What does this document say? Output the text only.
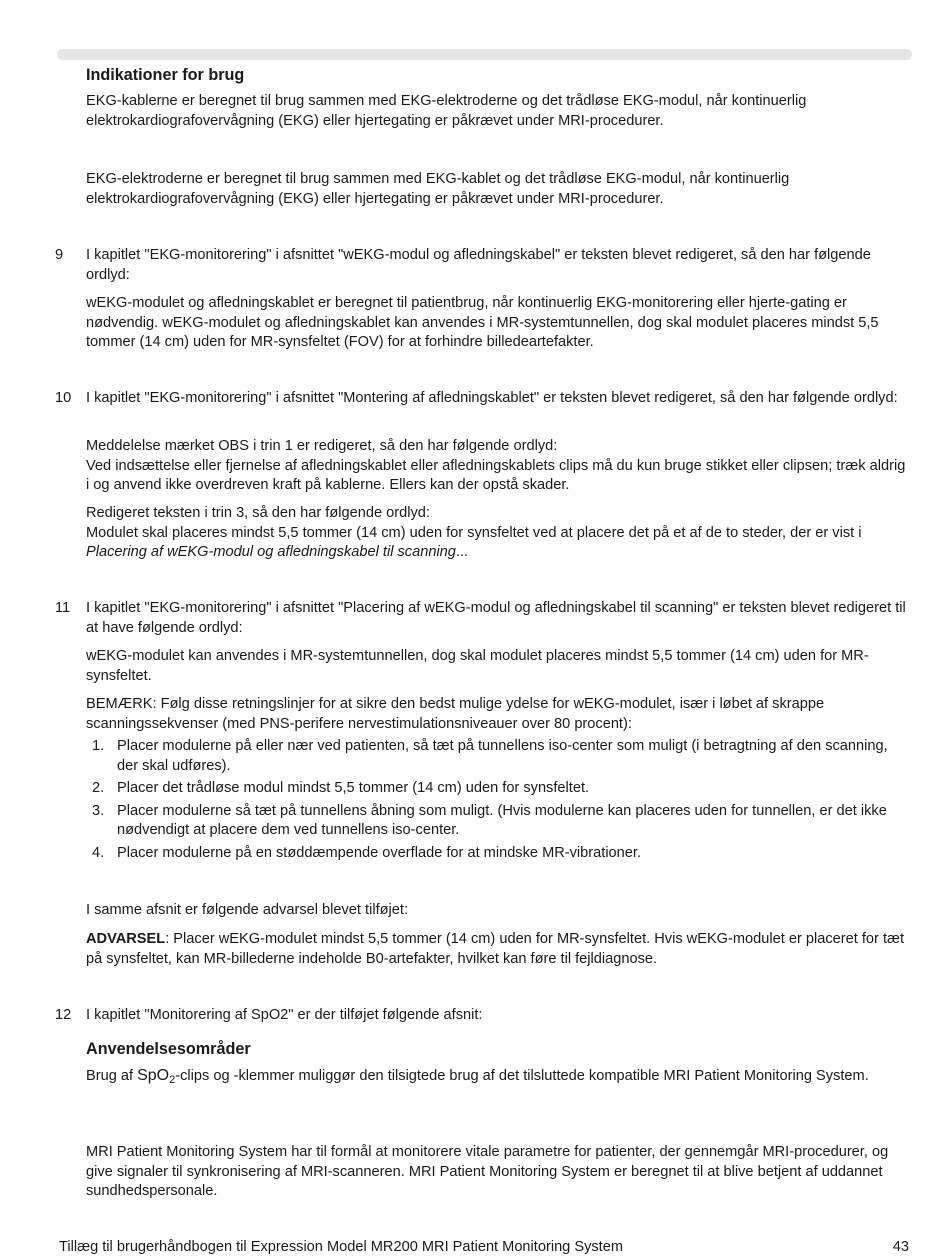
Indikationer for brug

EKG-kablerne er beregnet til brug sammen med EKG-elektroderne og det trådløse EKG-modul, når kontinuerlig elektrokardiografovervågning (EKG) eller hjertegating er påkrævet under MRI-procedurer.

EKG-elektroderne er beregnet til brug sammen med EKG-kablet og det trådløse EKG-modul, når kontinuerlig elektrokardiografovervågning (EKG) eller hjertegating er påkrævet under MRI-procedurer.

9	I kapitlet "EKG-monitorering" i afsnittet "wEKG-modul og afledningskabel" er teksten blevet redigeret, så den har følgende ordlyd:

wEKG-modulet og afledningskablet er beregnet til patientbrug, når kontinuerlig EKG-monitorering eller hjerte-gating er nødvendig. wEKG-modulet og afledningskablet kan anvendes i MR-systemtunnellen, dog skal modulet placeres mindst 5,5 tommer (14 cm) uden for MR-synsfeltet (FOV) for at forhindre billedeartefakter.

10	I kapitlet "EKG-monitorering" i afsnittet "Montering af afledningskablet" er teksten blevet redigeret, så den har følgende ordlyd:

Meddelelse mærket OBS i trin 1 er redigeret, så den har følgende ordlyd:

Ved indsættelse eller fjernelse af afledningskablet eller afledningskablets clips må du kun bruge stikket eller clipsen; træk aldrig i og anvend ikke overdreven kraft på kablerne. Ellers kan der opstå skader.

Redigeret teksten i trin 3, så den har følgende ordlyd:

Modulet skal placeres mindst 5,5 tommer (14 cm) uden for synsfeltet ved at placere det på et af de to steder, der er vist i Placering af wEKG-modul og afledningskabel til scanning...

11	I kapitlet "EKG-monitorering" i afsnittet "Placering af wEKG-modul og afledningskabel til scanning" er teksten blevet redigeret til at have følgende ordlyd:

wEKG-modulet kan anvendes i MR-systemtunnellen, dog skal modulet placeres mindst 5,5 tommer (14 cm) uden for MR-synsfeltet.

BEMÆRK: Følg disse retningslinjer for at sikre den bedst mulige ydelse for wEKG-modulet, især i løbet af skrappe scanningssekvenser (med PNS-perifere nervestimulationsniveauer over 80 procent):

1. Placer modulerne på eller nær ved patienten, så tæt på tunnellens iso-center som muligt (i betragtning af den scanning, der skal udføres).
2. Placer det trådløse modul mindst 5,5 tommer (14 cm) uden for synsfeltet.
3. Placer modulerne så tæt på tunnellens åbning som muligt. (Hvis modulerne kan placeres uden for tunnellen, er det ikke nødvendigt at placere dem ved tunnellens iso-center.
4. Placer modulerne på en støddæmpende overflade for at mindske MR-vibrationer.

I samme afsnit er følgende advarsel blevet tilføjet:

ADVARSEL: Placer wEKG-modulet mindst 5,5 tommer (14 cm) uden for MR-synsfeltet. Hvis wEKG-modulet er placeret for tæt på synsfeltet, kan MR-billederne indeholde B0-artefakter, hvilket kan føre til fejldiagnose.

12	I kapitlet "Monitorering af SpO2" er der tilføjet følgende afsnit:

Anvendelsesområder

Brug af SpO$_2$-clips og -klemmer muliggør den tilsigtede brug af det tilsluttede kompatible MRI Patient Monitoring System.

MRI Patient Monitoring System har til formål at monitorere vitale parametre for patienter, der gennemgår MRI-procedurer, og give signaler til synkronisering af MRI-scanneren. MRI Patient Monitoring System er beregnet til at blive betjent af uddannet sundhedspersonale.

Tillæg til brugerhåndbogen til Expression Model MR200 MRI Patient Monitoring System	43
